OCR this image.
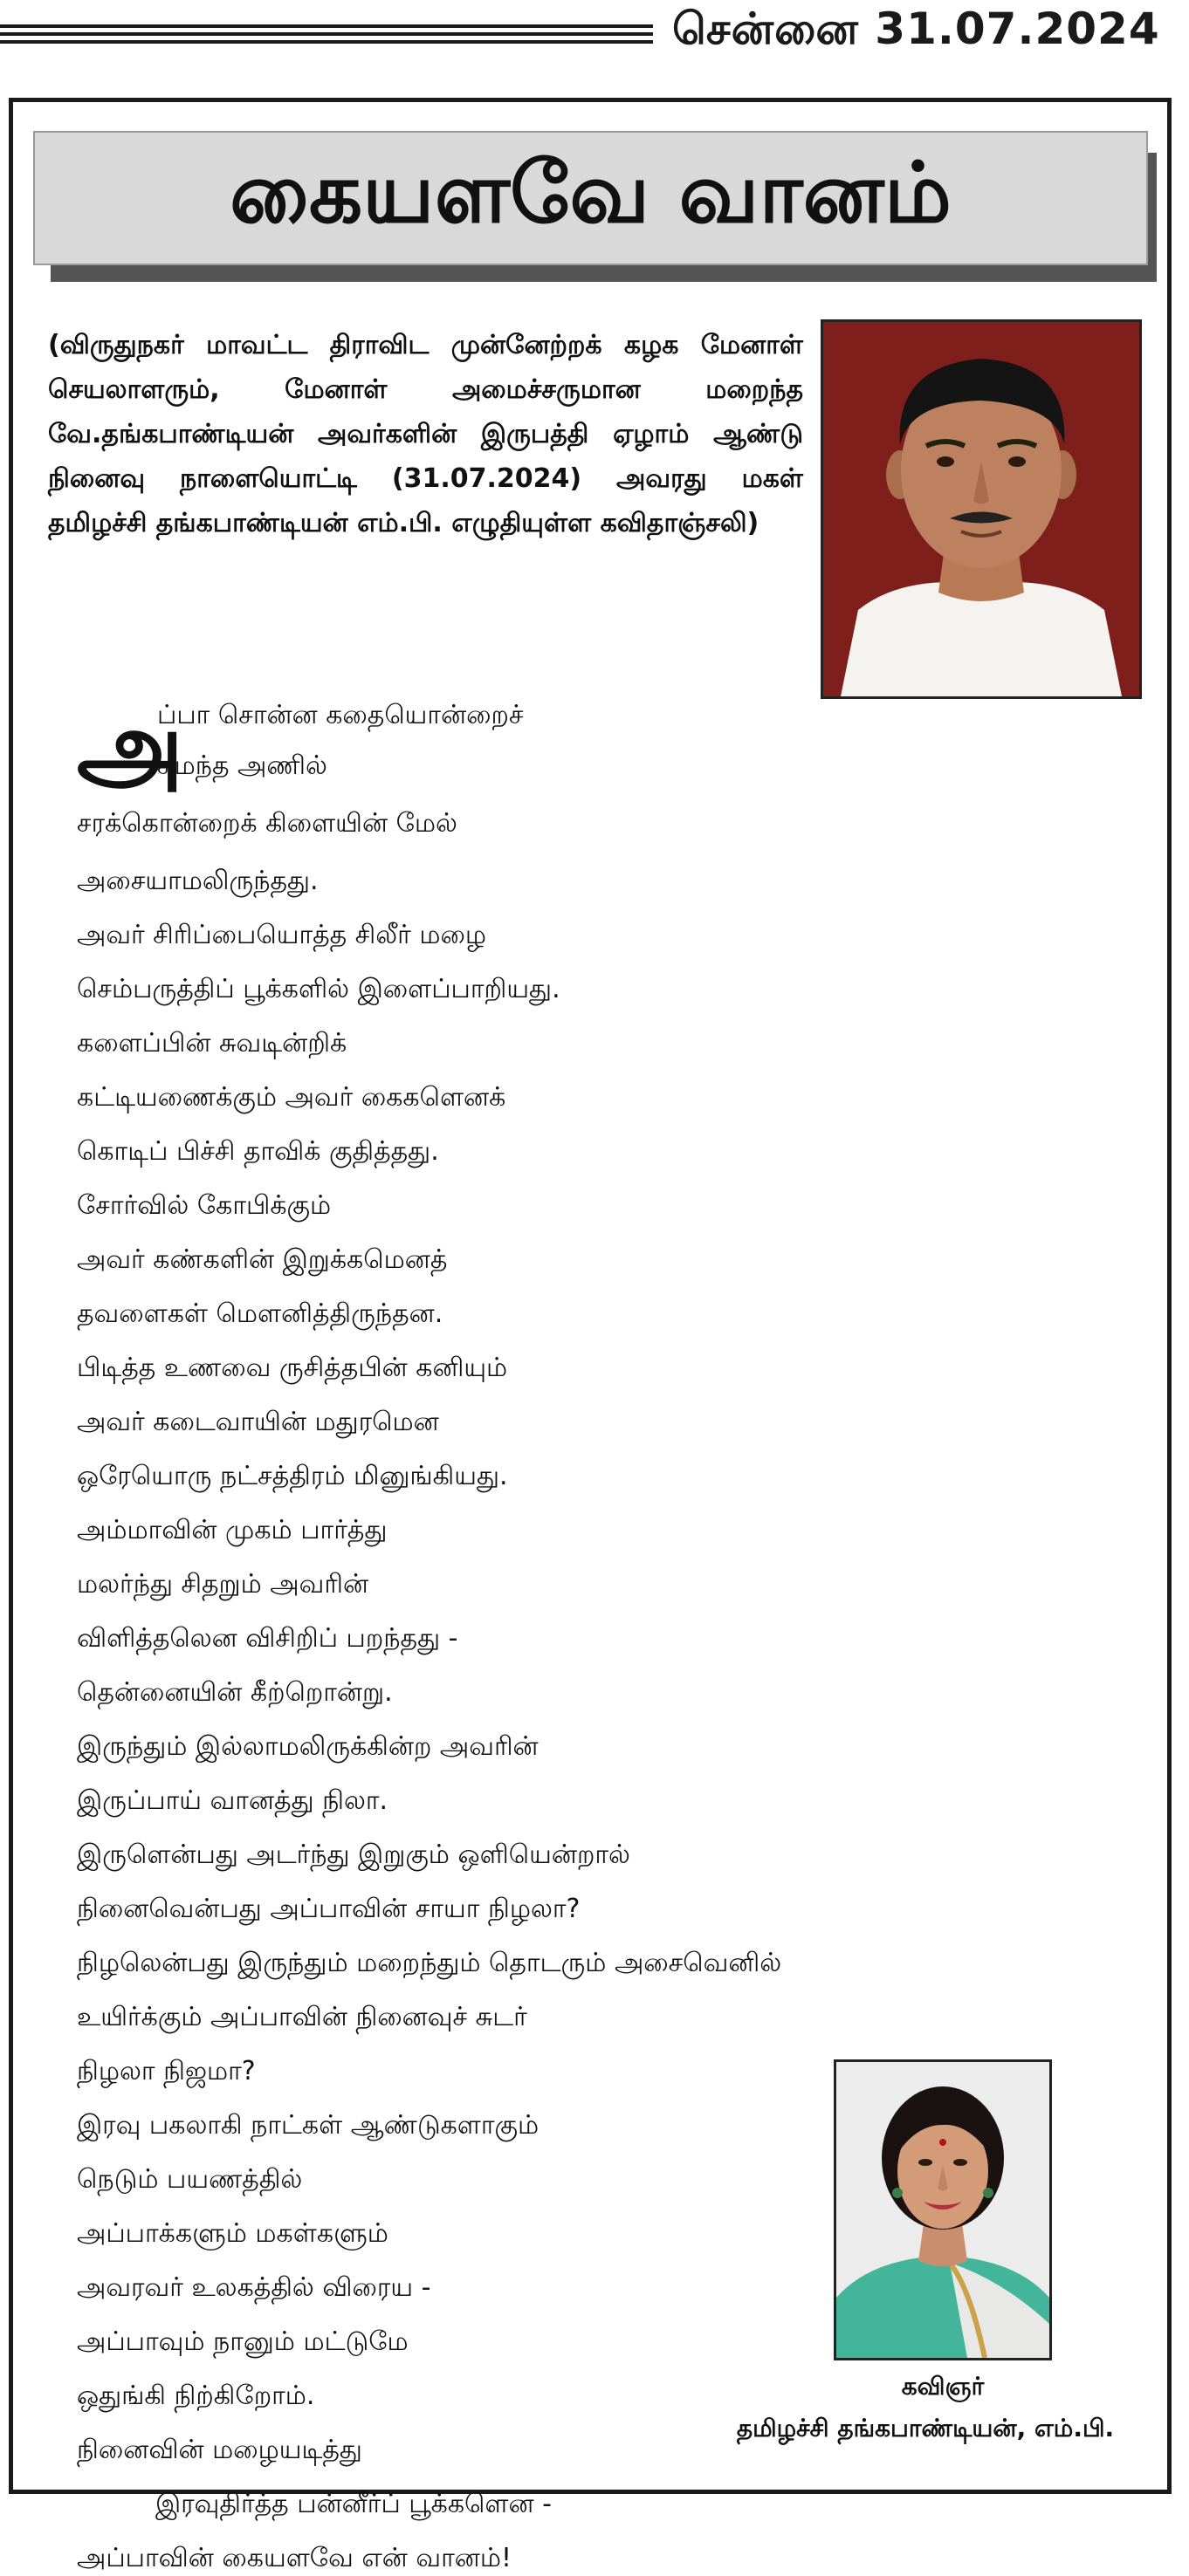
சென்னை 31.07.2024
கையளவே வானம்
(விருதுநகர் மாவட்ட திராவிட முன்னேற்றக் கழக மேனாள் செயலாளரும், மேனாள் அமைச்சருமான மறைந்த வே.தங்கபாண்டியன் அவர்களின் இருபத்தி ஏழாம் ஆண்டு நினைவு நாளையொட்டி (31.07.2024) அவரது மகள் தமிழச்சி தங்கபாண்டியன் எம்.பி. எழுதியுள்ள கவிதாஞ்சலி)
அ
ப்பா சொன்ன கதையொன்றைச்
சுமந்த அணில்
சரக்கொன்றைக் கிளையின் மேல்
அசையாமலிருந்தது.
அவர் சிரிப்பையொத்த சிலீர் மழை
செம்பருத்திப் பூக்களில் இளைப்பாறியது.
களைப்பின் சுவடின்றிக்
கட்டியணைக்கும் அவர் கைகளெனக்
கொடிப் பிச்சி தாவிக் குதித்தது.
சோர்வில் கோபிக்கும்
அவர் கண்களின் இறுக்கமெனத்
தவளைகள் மௌனித்திருந்தன.
பிடித்த உணவை ருசித்தபின் கனியும்
அவர் கடைவாயின் மதுரமென
ஒரேயொரு நட்சத்திரம் மினுங்கியது.
அம்மாவின் முகம் பார்த்து
மலர்ந்து சிதறும் அவரின்
விளித்தலென விசிறிப் பறந்தது -
தென்னையின் கீற்றொன்று.
இருந்தும் இல்லாமலிருக்கின்ற அவரின்
இருப்பாய் வானத்து நிலா.
இருளென்பது அடர்ந்து இறுகும் ஒளியென்றால்
நினைவென்பது அப்பாவின் சாயா நிழலா?
நிழலென்பது இருந்தும் மறைந்தும் தொடரும் அசைவெனில்
உயிர்க்கும் அப்பாவின் நினைவுச் சுடர்
நிழலா நிஜமா?
இரவு பகலாகி நாட்கள் ஆண்டுகளாகும்
நெடும் பயணத்தில்
அப்பாக்களும் மகள்களும்
அவரவர் உலகத்தில் விரைய -
அப்பாவும் நானும் மட்டுமே
ஒதுங்கி நிற்கிறோம்.
நினைவின் மழையடித்து
இரவுதிர்த்த பன்னீர்ப் பூக்களென -
அப்பாவின் கையளவே என் வானம்!
கவிஞர்
தமிழச்சி தங்கபாண்டியன், எம்.பி.
